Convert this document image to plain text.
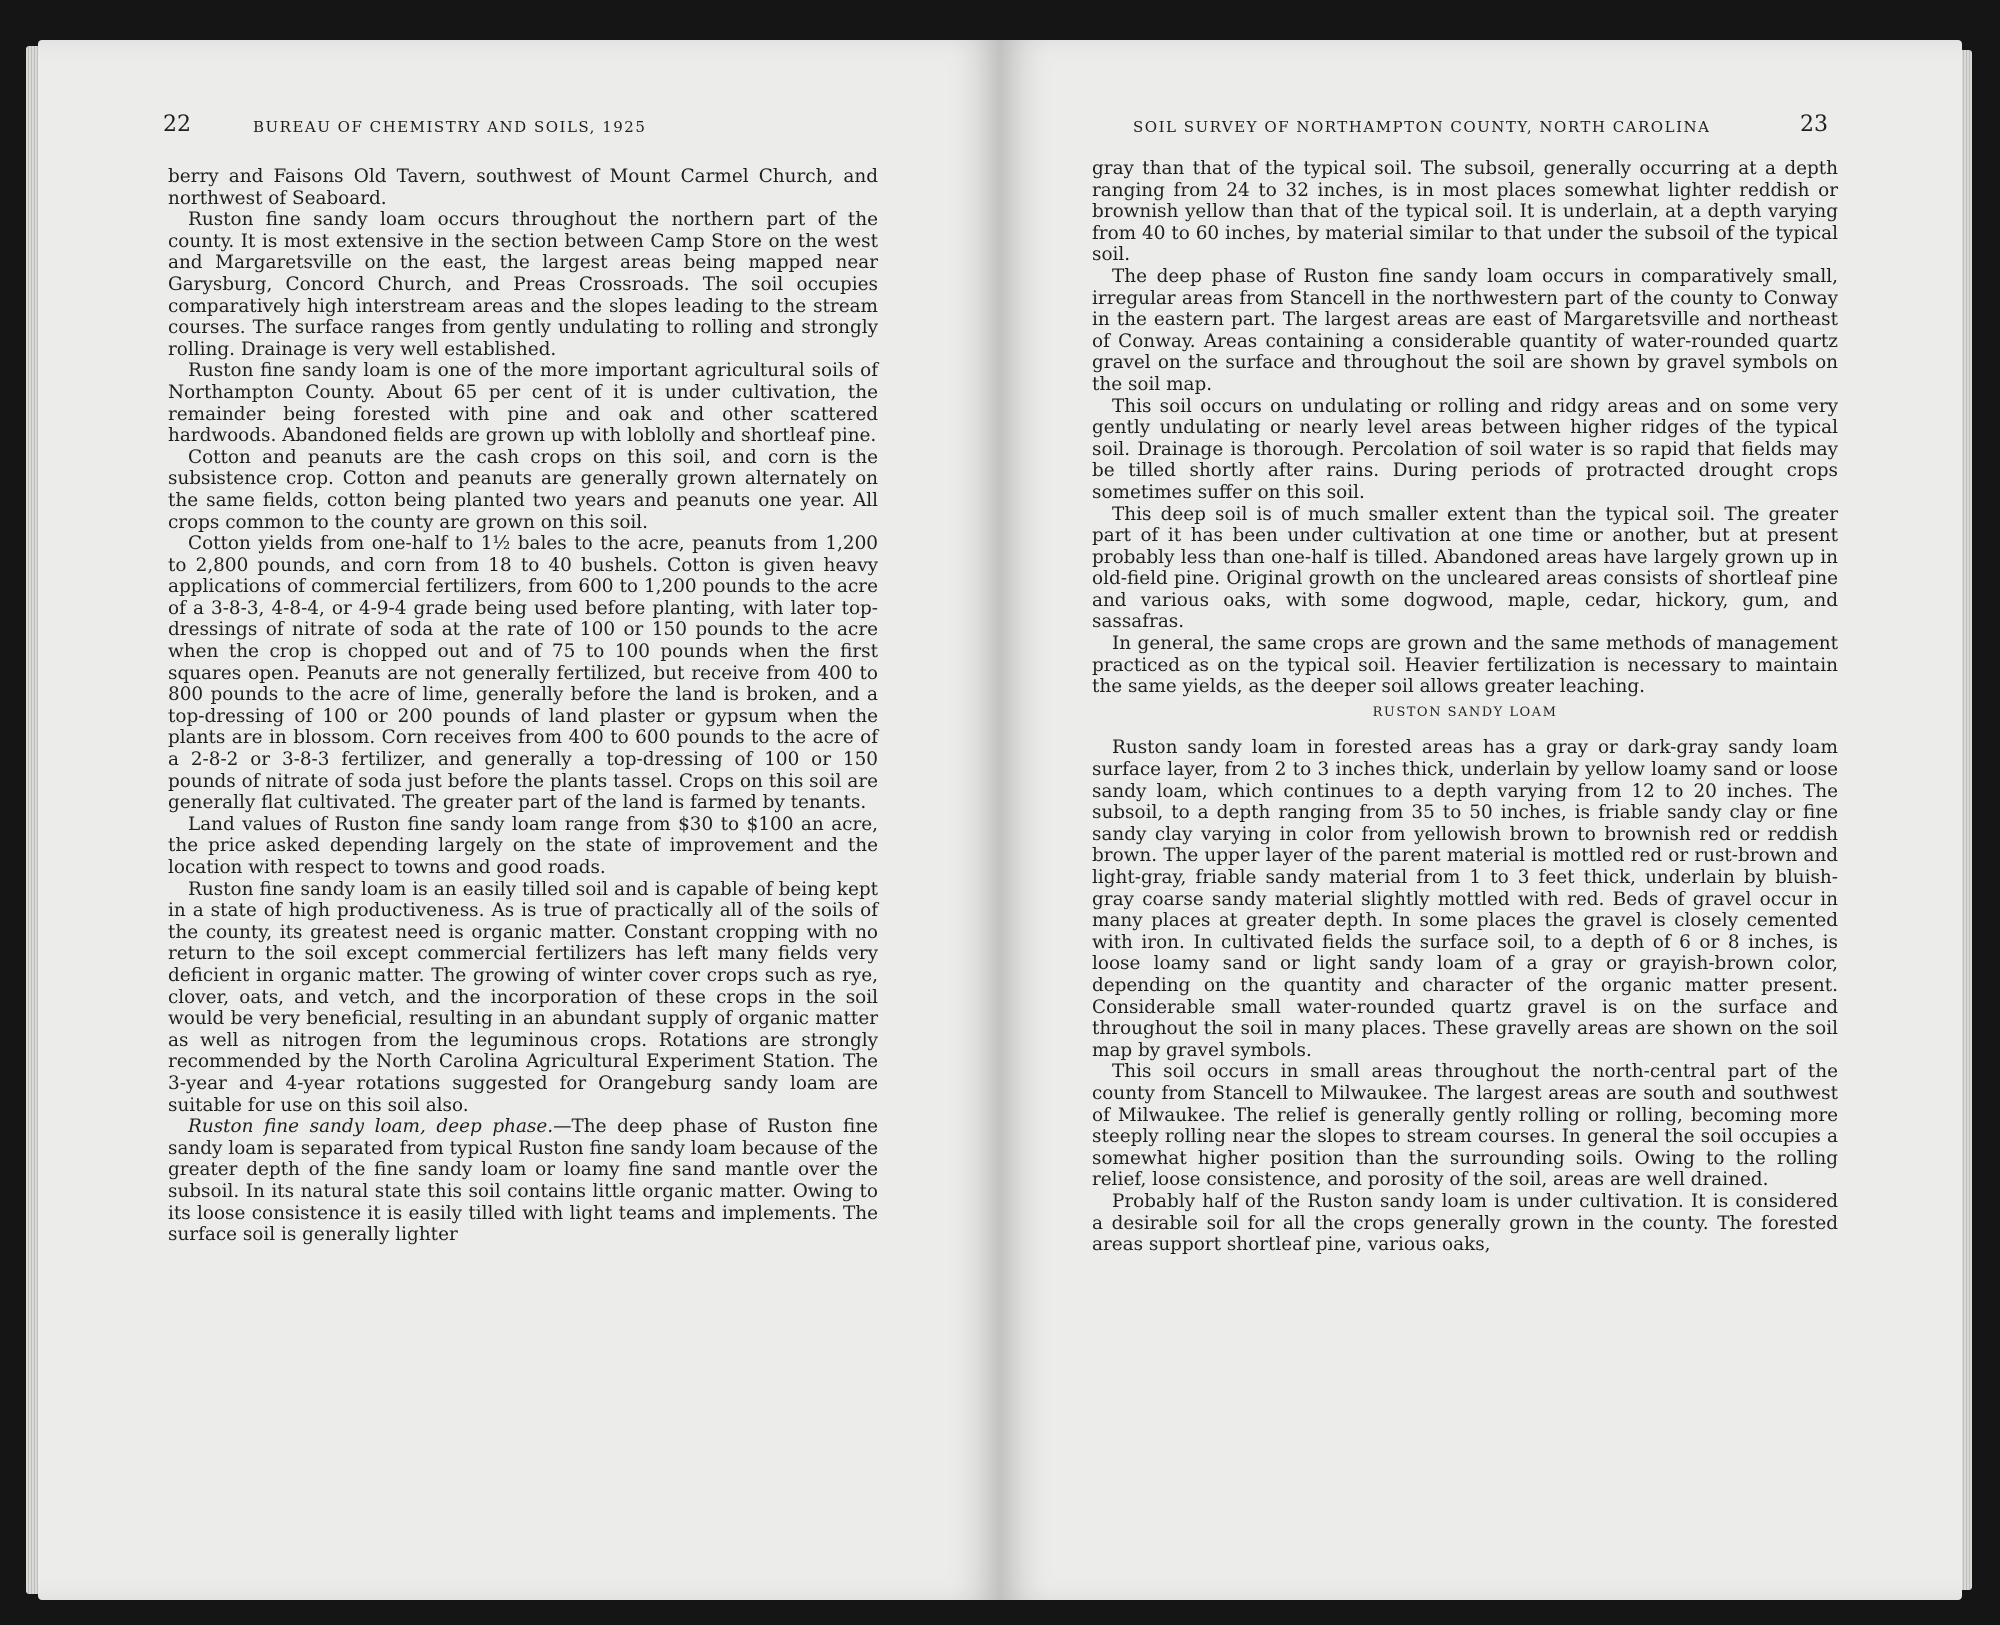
22	BUREAU OF CHEMISTRY AND SOILS, 1925

berry and Faisons Old Tavern, southwest of Mount Carmel Church, and northwest of Seaboard.

Ruston fine sandy loam occurs throughout the northern part of the county. It is most extensive in the section between Camp Store on the west and Margaretsville on the east, the largest areas being mapped near Garysburg, Concord Church, and Preas Crossroads. The soil occupies comparatively high interstream areas and the slopes leading to the stream courses. The surface ranges from gently undulating to rolling and strongly rolling. Drainage is very well established.

Ruston fine sandy loam is one of the more important agricultural soils of Northampton County. About 65 per cent of it is under cultivation, the remainder being forested with pine and oak and other scattered hardwoods. Abandoned fields are grown up with loblolly and shortleaf pine.

Cotton and peanuts are the cash crops on this soil, and corn is the subsistence crop. Cotton and peanuts are generally grown alternately on the same fields, cotton being planted two years and peanuts one year. All crops common to the county are grown on this soil.

Cotton yields from one-half to 1½ bales to the acre, peanuts from 1,200 to 2,800 pounds, and corn from 18 to 40 bushels. Cotton is given heavy applications of commercial fertilizers, from 600 to 1,200 pounds to the acre of a 3-8-3, 4-8-4, or 4-9-4 grade being used before planting, with later top-dressings of nitrate of soda at the rate of 100 or 150 pounds to the acre when the crop is chopped out and of 75 to 100 pounds when the first squares open. Peanuts are not generally fertilized, but receive from 400 to 800 pounds to the acre of lime, generally before the land is broken, and a top-dressing of 100 or 200 pounds of land plaster or gypsum when the plants are in blossom. Corn receives from 400 to 600 pounds to the acre of a 2-8-2 or 3-8-3 fertilizer, and generally a top-dressing of 100 or 150 pounds of nitrate of soda just before the plants tassel. Crops on this soil are generally flat cultivated. The greater part of the land is farmed by tenants.

Land values of Ruston fine sandy loam range from $30 to $100 an acre, the price asked depending largely on the state of improvement and the location with respect to towns and good roads.

Ruston fine sandy loam is an easily tilled soil and is capable of being kept in a state of high productiveness. As is true of practically all of the soils of the county, its greatest need is organic matter. Constant cropping with no return to the soil except commercial fertilizers has left many fields very deficient in organic matter. The growing of winter cover crops such as rye, clover, oats, and vetch, and the incorporation of these crops in the soil would be very beneficial, resulting in an abundant supply of organic matter as well as nitrogen from the leguminous crops. Rotations are strongly recommended by the North Carolina Agricultural Experiment Station. The 3-year and 4-year rotations suggested for Orangeburg sandy loam are suitable for use on this soil also.

Ruston fine sandy loam, deep phase.—The deep phase of Ruston fine sandy loam is separated from typical Ruston fine sandy loam because of the greater depth of the fine sandy loam or loamy fine sand mantle over the subsoil. In its natural state this soil contains little organic matter. Owing to its loose consistence it is easily tilled with light teams and implements. The surface soil is generally lighter

SOIL SURVEY OF NORTHAMPTON COUNTY, NORTH CAROLINA	23

gray than that of the typical soil. The subsoil, generally occurring at a depth ranging from 24 to 32 inches, is in most places somewhat lighter reddish or brownish yellow than that of the typical soil. It is underlain, at a depth varying from 40 to 60 inches, by material similar to that under the subsoil of the typical soil.

The deep phase of Ruston fine sandy loam occurs in comparatively small, irregular areas from Stancell in the northwestern part of the county to Conway in the eastern part. The largest areas are east of Margaretsville and northeast of Conway. Areas containing a considerable quantity of water-rounded quartz gravel on the surface and throughout the soil are shown by gravel symbols on the soil map.

This soil occurs on undulating or rolling and ridgy areas and on some very gently undulating or nearly level areas between higher ridges of the typical soil. Drainage is thorough. Percolation of soil water is so rapid that fields may be tilled shortly after rains. During periods of protracted drought crops sometimes suffer on this soil.

This deep soil is of much smaller extent than the typical soil. The greater part of it has been under cultivation at one time or another, but at present probably less than one-half is tilled. Abandoned areas have largely grown up in old-field pine. Original growth on the uncleared areas consists of shortleaf pine and various oaks, with some dogwood, maple, cedar, hickory, gum, and sassafras.

In general, the same crops are grown and the same methods of management practiced as on the typical soil. Heavier fertilization is necessary to maintain the same yields, as the deeper soil allows greater leaching.

RUSTON SANDY LOAM

Ruston sandy loam in forested areas has a gray or dark-gray sandy loam surface layer, from 2 to 3 inches thick, underlain by yellow loamy sand or loose sandy loam, which continues to a depth varying from 12 to 20 inches. The subsoil, to a depth ranging from 35 to 50 inches, is friable sandy clay or fine sandy clay varying in color from yellowish brown to brownish red or reddish brown. The upper layer of the parent material is mottled red or rust-brown and light-gray, friable sandy material from 1 to 3 feet thick, underlain by bluish-gray coarse sandy material slightly mottled with red. Beds of gravel occur in many places at greater depth. In some places the gravel is closely cemented with iron. In cultivated fields the surface soil, to a depth of 6 or 8 inches, is loose loamy sand or light sandy loam of a gray or grayish-brown color, depending on the quantity and character of the organic matter present. Considerable small water-rounded quartz gravel is on the surface and throughout the soil in many places. These gravelly areas are shown on the soil map by gravel symbols.

This soil occurs in small areas throughout the north-central part of the county from Stancell to Milwaukee. The largest areas are south and southwest of Milwaukee. The relief is generally gently rolling or rolling, becoming more steeply rolling near the slopes to stream courses. In general the soil occupies a somewhat higher position than the surrounding soils. Owing to the rolling relief, loose consistence, and porosity of the soil, areas are well drained.

Probably half of the Ruston sandy loam is under cultivation. It is considered a desirable soil for all the crops generally grown in the county. The forested areas support shortleaf pine, various oaks,
